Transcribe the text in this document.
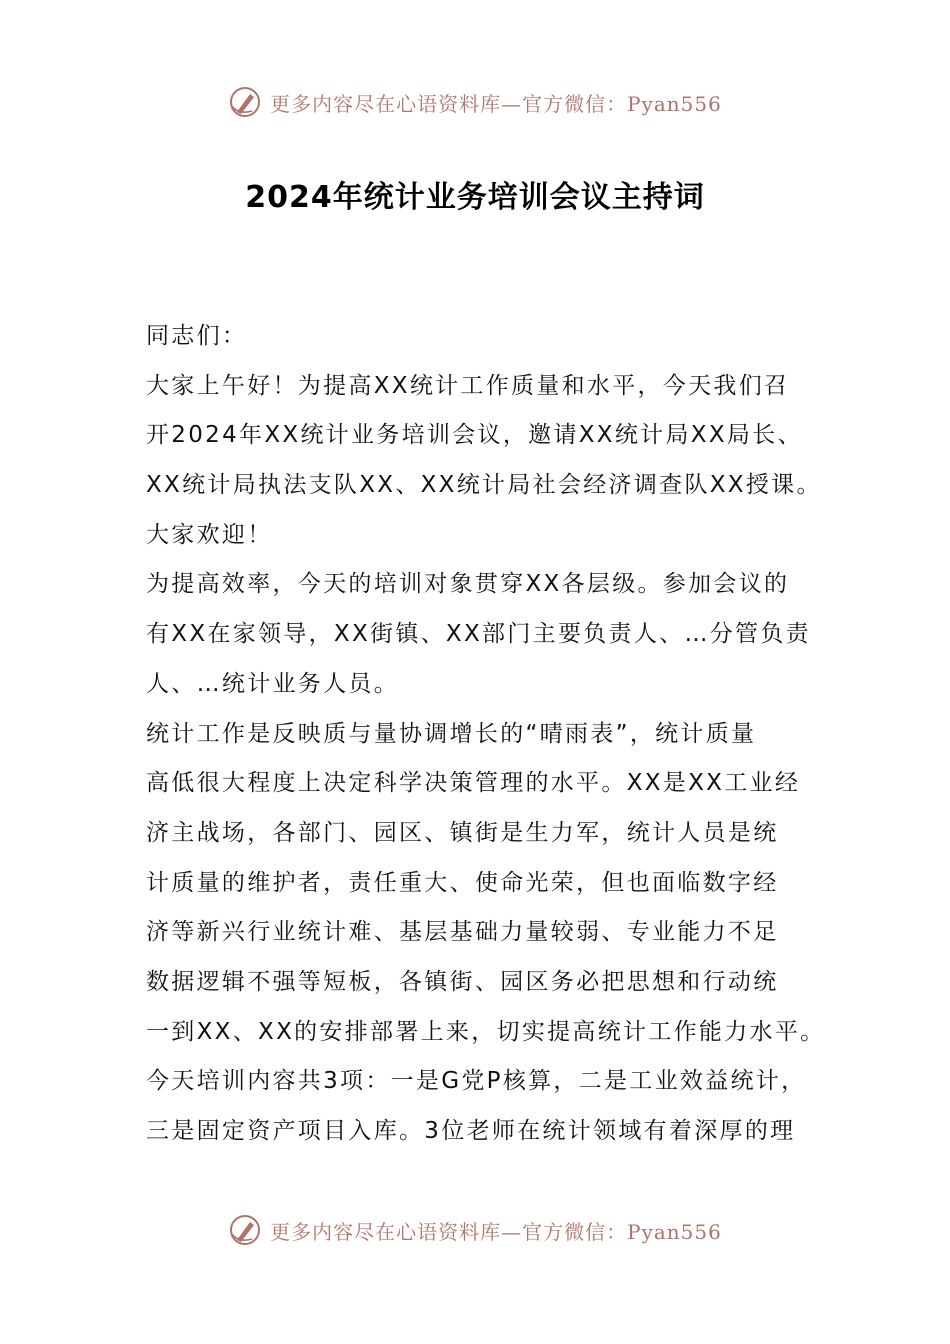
更多内容尽在心语资料库—官方微信：Pyan556
2024年统计业务培训会议主持词
同志们：
大家上午好！为提高XX统计工作质量和水平，今天我们召
开2024年XX统计业务培训会议，邀请XX统计局XX局长、
XX统计局执法支队XX、XX统计局社会经济调查队XX授课。
大家欢迎！
为提高效率，今天的培训对象贯穿XX各层级。参加会议的
有XX在家领导，XX街镇、XX部门主要负责人、…分管负责
人、…统计业务人员。
统计工作是反映质与量协调增长的“晴雨表”，统计质量
高低很大程度上决定科学决策管理的水平。XX是XX工业经
济主战场，各部门、园区、镇街是生力军，统计人员是统
计质量的维护者，责任重大、使命光荣，但也面临数字经
济等新兴行业统计难、基层基础力量较弱、专业能力不足
数据逻辑不强等短板，各镇街、园区务必把思想和行动统
一到XX、XX的安排部署上来，切实提高统计工作能力水平。
今天培训内容共3项：一是G党P核算，二是工业效益统计，
三是固定资产项目入库。3位老师在统计领域有着深厚的理
更多内容尽在心语资料库—官方微信：Pyan556
